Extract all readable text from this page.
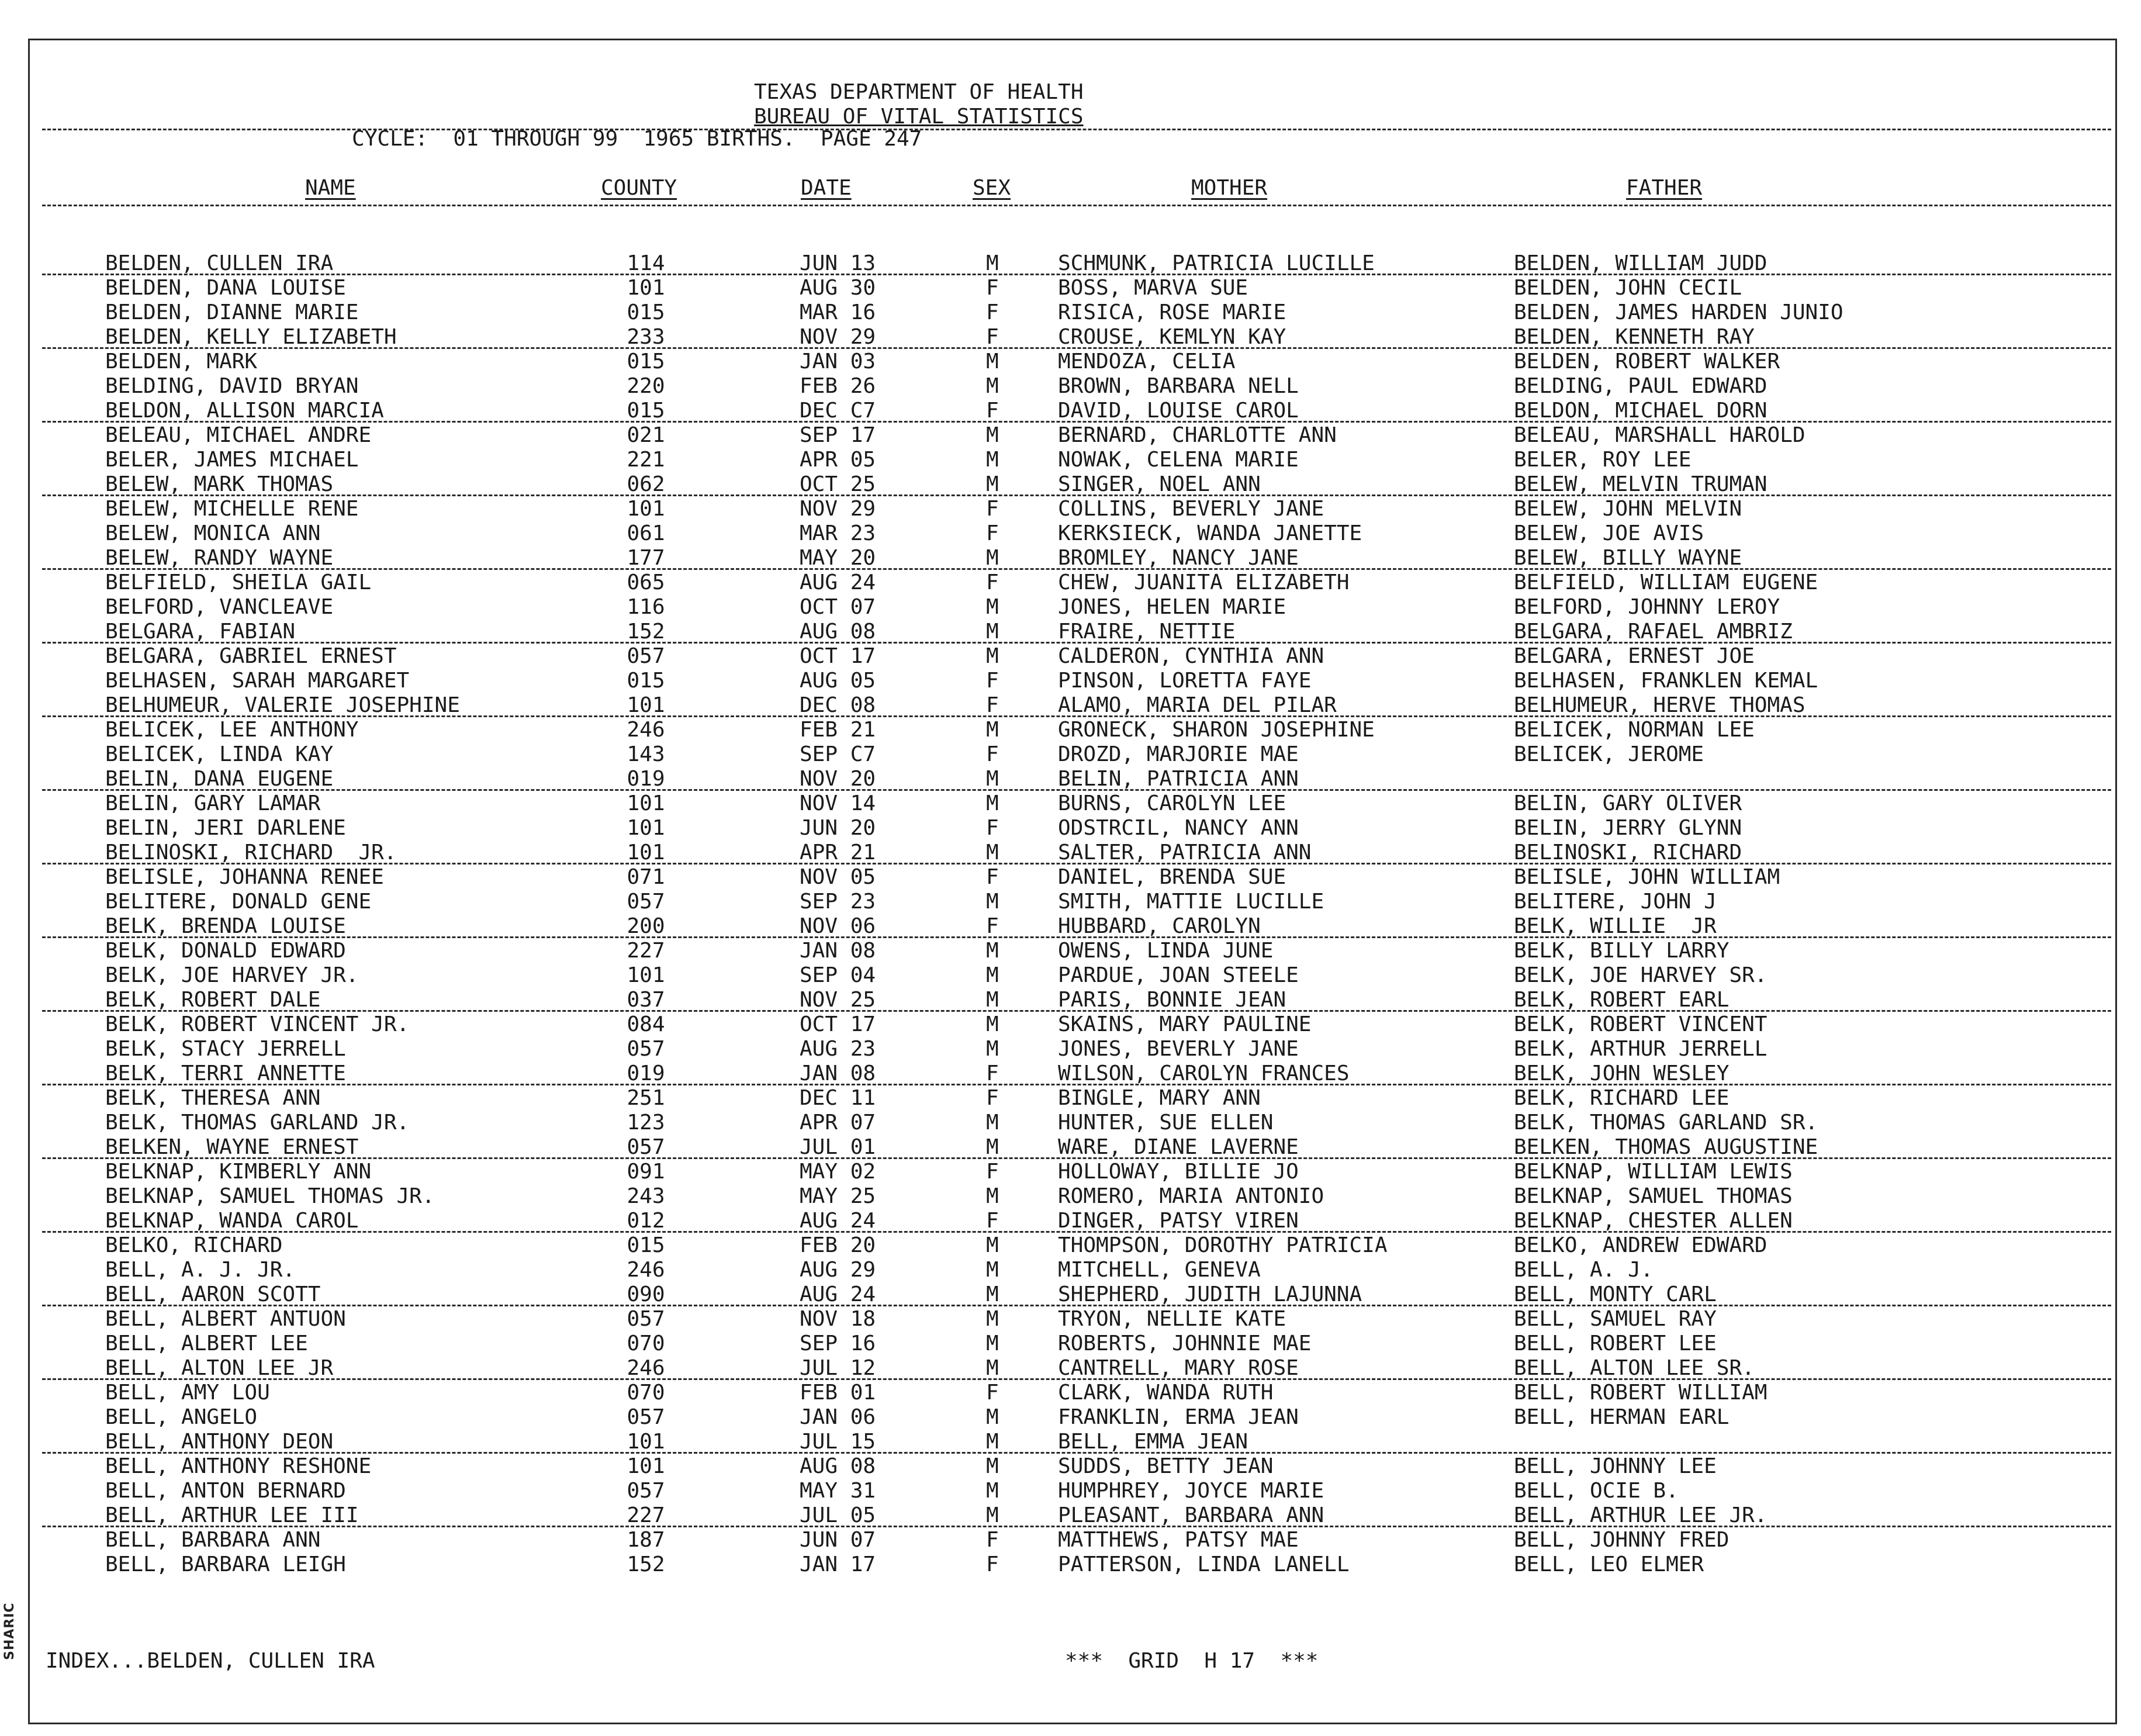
SHARIC
TEXAS DEPARTMENT OF HEALTH
BUREAU OF VITAL STATISTICS
CYCLE:  01 THROUGH 99  1965 BIRTHS.  PAGE 247
NAME	COUNTY	DATE	SEX	MOTHER	FATHER
BELDEN, CULLEN IRA	114	JUN 13	M	SCHMUNK, PATRICIA LUCILLE	BELDEN, WILLIAM JUDD
BELDEN, DANA LOUISE	101	AUG 30	F	BOSS, MARVA SUE	BELDEN, JOHN CECIL
BELDEN, DIANNE MARIE	015	MAR 16	F	RISICA, ROSE MARIE	BELDEN, JAMES HARDEN JUNIO
BELDEN, KELLY ELIZABETH	233	NOV 29	F	CROUSE, KEMLYN KAY	BELDEN, KENNETH RAY
BELDEN, MARK	015	JAN 03	M	MENDOZA, CELIA	BELDEN, ROBERT WALKER
BELDING, DAVID BRYAN	220	FEB 26	M	BROWN, BARBARA NELL	BELDING, PAUL EDWARD
BELDON, ALLISON MARCIA	015	DEC C7	F	DAVID, LOUISE CAROL	BELDON, MICHAEL DORN
BELEAU, MICHAEL ANDRE	021	SEP 17	M	BERNARD, CHARLOTTE ANN	BELEAU, MARSHALL HAROLD
BELER, JAMES MICHAEL	221	APR 05	M	NOWAK, CELENA MARIE	BELER, ROY LEE
BELEW, MARK THOMAS	062	OCT 25	M	SINGER, NOEL ANN	BELEW, MELVIN TRUMAN
BELEW, MICHELLE RENE	101	NOV 29	F	COLLINS, BEVERLY JANE	BELEW, JOHN MELVIN
BELEW, MONICA ANN	061	MAR 23	F	KERKSIECK, WANDA JANETTE	BELEW, JOE AVIS
BELEW, RANDY WAYNE	177	MAY 20	M	BROMLEY, NANCY JANE	BELEW, BILLY WAYNE
BELFIELD, SHEILA GAIL	065	AUG 24	F	CHEW, JUANITA ELIZABETH	BELFIELD, WILLIAM EUGENE
BELFORD, VANCLEAVE	116	OCT 07	M	JONES, HELEN MARIE	BELFORD, JOHNNY LEROY
BELGARA, FABIAN	152	AUG 08	M	FRAIRE, NETTIE	BELGARA, RAFAEL AMBRIZ
BELGARA, GABRIEL ERNEST	057	OCT 17	M	CALDERON, CYNTHIA ANN	BELGARA, ERNEST JOE
BELHASEN, SARAH MARGARET	015	AUG 05	F	PINSON, LORETTA FAYE	BELHASEN, FRANKLEN KEMAL
BELHUMEUR, VALERIE JOSEPHINE	101	DEC 08	F	ALAMO, MARIA DEL PILAR	BELHUMEUR, HERVE THOMAS
BELICEK, LEE ANTHONY	246	FEB 21	M	GRONECK, SHARON JOSEPHINE	BELICEK, NORMAN LEE
BELICEK, LINDA KAY	143	SEP C7	F	DROZD, MARJORIE MAE	BELICEK, JEROME
BELIN, DANA EUGENE	019	NOV 20	M	BELIN, PATRICIA ANN
BELIN, GARY LAMAR	101	NOV 14	M	BURNS, CAROLYN LEE	BELIN, GARY OLIVER
BELIN, JERI DARLENE	101	JUN 20	F	ODSTRCIL, NANCY ANN	BELIN, JERRY GLYNN
BELINOSKI, RICHARD  JR.	101	APR 21	M	SALTER, PATRICIA ANN	BELINOSKI, RICHARD
BELISLE, JOHANNA RENEE	071	NOV 05	F	DANIEL, BRENDA SUE	BELISLE, JOHN WILLIAM
BELITERE, DONALD GENE	057	SEP 23	M	SMITH, MATTIE LUCILLE	BELITERE, JOHN J
BELK, BRENDA LOUISE	200	NOV 06	F	HUBBARD, CAROLYN	BELK, WILLIE  JR
BELK, DONALD EDWARD	227	JAN 08	M	OWENS, LINDA JUNE	BELK, BILLY LARRY
BELK, JOE HARVEY JR.	101	SEP 04	M	PARDUE, JOAN STEELE	BELK, JOE HARVEY SR.
BELK, ROBERT DALE	037	NOV 25	M	PARIS, BONNIE JEAN	BELK, ROBERT EARL
BELK, ROBERT VINCENT JR.	084	OCT 17	M	SKAINS, MARY PAULINE	BELK, ROBERT VINCENT
BELK, STACY JERRELL	057	AUG 23	M	JONES, BEVERLY JANE	BELK, ARTHUR JERRELL
BELK, TERRI ANNETTE	019	JAN 08	F	WILSON, CAROLYN FRANCES	BELK, JOHN WESLEY
BELK, THERESA ANN	251	DEC 11	F	BINGLE, MARY ANN	BELK, RICHARD LEE
BELK, THOMAS GARLAND JR.	123	APR 07	M	HUNTER, SUE ELLEN	BELK, THOMAS GARLAND SR.
BELKEN, WAYNE ERNEST	057	JUL 01	M	WARE, DIANE LAVERNE	BELKEN, THOMAS AUGUSTINE
BELKNAP, KIMBERLY ANN	091	MAY 02	F	HOLLOWAY, BILLIE JO	BELKNAP, WILLIAM LEWIS
BELKNAP, SAMUEL THOMAS JR.	243	MAY 25	M	ROMERO, MARIA ANTONIO	BELKNAP, SAMUEL THOMAS
BELKNAP, WANDA CAROL	012	AUG 24	F	DINGER, PATSY VIREN	BELKNAP, CHESTER ALLEN
BELKO, RICHARD	015	FEB 20	M	THOMPSON, DOROTHY PATRICIA	BELKO, ANDREW EDWARD
BELL, A. J. JR.	246	AUG 29	M	MITCHELL, GENEVA	BELL, A. J.
BELL, AARON SCOTT	090	AUG 24	M	SHEPHERD, JUDITH LAJUNNA	BELL, MONTY CARL
BELL, ALBERT ANTUON	057	NOV 18	M	TRYON, NELLIE KATE	BELL, SAMUEL RAY
BELL, ALBERT LEE	070	SEP 16	M	ROBERTS, JOHNNIE MAE	BELL, ROBERT LEE
BELL, ALTON LEE JR	246	JUL 12	M	CANTRELL, MARY ROSE	BELL, ALTON LEE SR.
BELL, AMY LOU	070	FEB 01	F	CLARK, WANDA RUTH	BELL, ROBERT WILLIAM
BELL, ANGELO	057	JAN 06	M	FRANKLIN, ERMA JEAN	BELL, HERMAN EARL
BELL, ANTHONY DEON	101	JUL 15	M	BELL, EMMA JEAN
BELL, ANTHONY RESHONE	101	AUG 08	M	SUDDS, BETTY JEAN	BELL, JOHNNY LEE
BELL, ANTON BERNARD	057	MAY 31	M	HUMPHREY, JOYCE MARIE	BELL, OCIE B.
BELL, ARTHUR LEE III	227	JUL 05	M	PLEASANT, BARBARA ANN	BELL, ARTHUR LEE JR.
BELL, BARBARA ANN	187	JUN 07	F	MATTHEWS, PATSY MAE	BELL, JOHNNY FRED
BELL, BARBARA LEIGH	152	JAN 17	F	PATTERSON, LINDA LANELL	BELL, LEO ELMER
INDEX...BELDEN, CULLEN IRA	***  GRID  H 17  ***
